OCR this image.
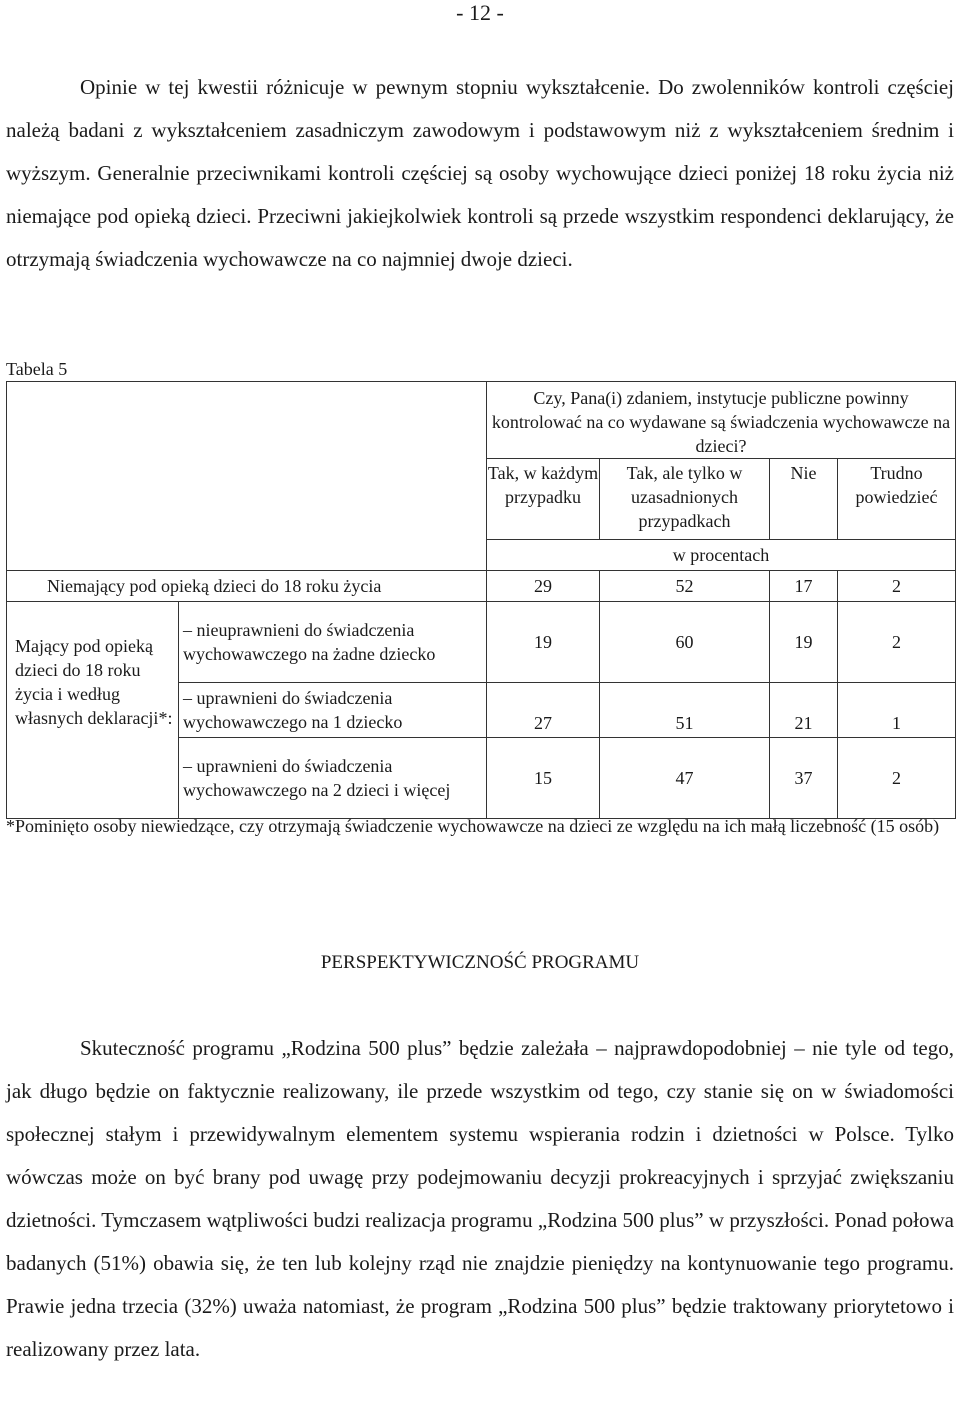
- 12 -

Opinie w tej kwestii różnicuje w pewnym stopniu wykształcenie. Do zwolenników kontroli częściej należą badani z wykształceniem zasadniczym zawodowym i podstawowym niż z wykształceniem średnim i wyższym. Generalnie przeciwnikami kontroli częściej są osoby wychowujące dzieci poniżej 18 roku życia niż niemające pod opieką dzieci. Przeciwni jakiejkolwiek kontroli są przede wszystkim respondenci deklarujący, że otrzymają świadczenia wychowawcze na co najmniej dwoje dzieci.

Tabela 5
		Czy, Pana(i) zdaniem, instytucje publiczne powinny kontrolować na co wydawane są świadczenia wychowawcze na dzieci?			
		Tak, w każdym przypadku	Tak, ale tylko w uzasadnionych przypadkach	Nie	Trudno powiedzieć
		w procentach			
Niemający pod opieką dzieci do 18 roku życia		29	52	17	2
Mający pod opieką dzieci do 18 roku życia i według własnych deklaracji*:	– nieuprawnieni do świadczenia wychowawczego na żadne dziecko	19	60	19	2
	– uprawnieni do świadczenia wychowawczego na 1 dziecko	27	51	21	1
	– uprawnieni do świadczenia wychowawczego na 2 dzieci i więcej	15	47	37	2
*Pominięto osoby niewiedzące, czy otrzymają świadczenie wychowawcze na dzieci ze względu na ich małą liczebność (15 osób)
PERSPEKTYWICZNOŚĆ PROGRAMU

Skuteczność programu „Rodzina 500 plus” będzie zależała – najprawdopodobniej – nie tyle od tego, jak długo będzie on faktycznie realizowany, ile przede wszystkim od tego, czy stanie się on w świadomości społecznej stałym i przewidywalnym elementem systemu wspierania rodzin i dzietności w Polsce. Tylko wówczas może on być brany pod uwagę przy podejmowaniu decyzji prokreacyjnych i sprzyjać zwiększaniu dzietności. Tymczasem wątpliwości budzi realizacja programu „Rodzina 500 plus” w przyszłości. Ponad połowa badanych (51%) obawia się, że ten lub kolejny rząd nie znajdzie pieniędzy na kontynuowanie tego programu. Prawie jedna trzecia (32%) uważa natomiast, że program „Rodzina 500 plus” będzie traktowany priorytetowo i realizowany przez lata.
